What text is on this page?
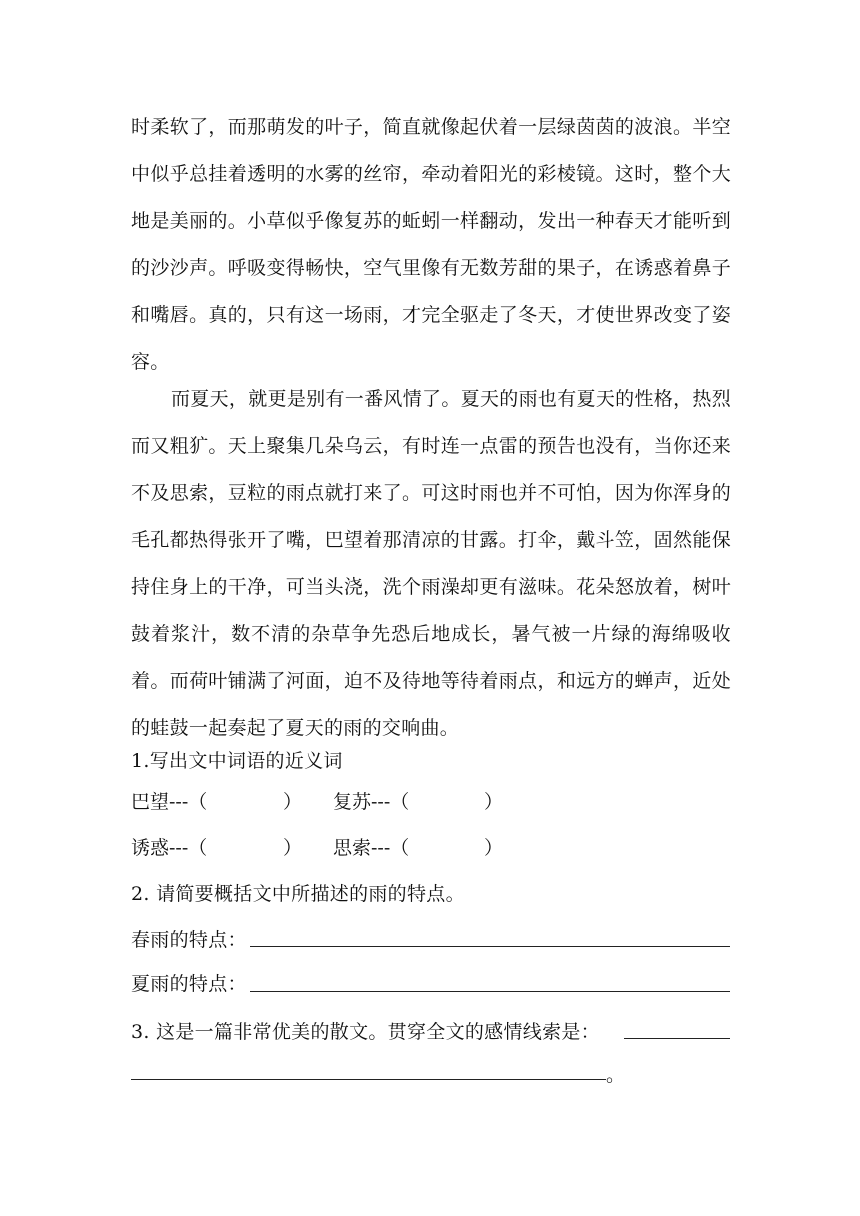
时柔软了，而那萌发的叶子，简直就像起伏着一层绿茵茵的波浪。半空中似乎总挂着透明的水雾的丝帘，牵动着阳光的彩棱镜。这时，整个大地是美丽的。小草似乎像复苏的蚯蚓一样翻动，发出一种春天才能听到的沙沙声。呼吸变得畅快，空气里像有无数芳甜的果子，在诱惑着鼻子和嘴唇。真的，只有这一场雨，才完全驱走了冬天，才使世界改变了姿容。

而夏天，就更是别有一番风情了。夏天的雨也有夏天的性格，热烈而又粗犷。天上聚集几朵乌云，有时连一点雷的预告也没有，当你还来不及思索，豆粒的雨点就打来了。可这时雨也并不可怕，因为你浑身的毛孔都热得张开了嘴，巴望着那清凉的甘露。打伞，戴斗笠，固然能保持住身上的干净，可当头浇，洗个雨澡却更有滋味。花朵怒放着，树叶鼓着浆汁，数不清的杂草争先恐后地成长，暑气被一片绿的海绵吸收着。而荷叶铺满了河面，迫不及待地等待着雨点，和远方的蝉声，近处的蛙鼓一起奏起了夏天的雨的交响曲。

1.写出文中词语的近义词
巴望---（	） 复苏---（	）
诱惑---（	） 思索---（	）
2. 请简要概括文中所描述的雨的特点。
春雨的特点：
夏雨的特点：
3. 这是一篇非常优美的散文。贯穿全文的感情线索是：
。
